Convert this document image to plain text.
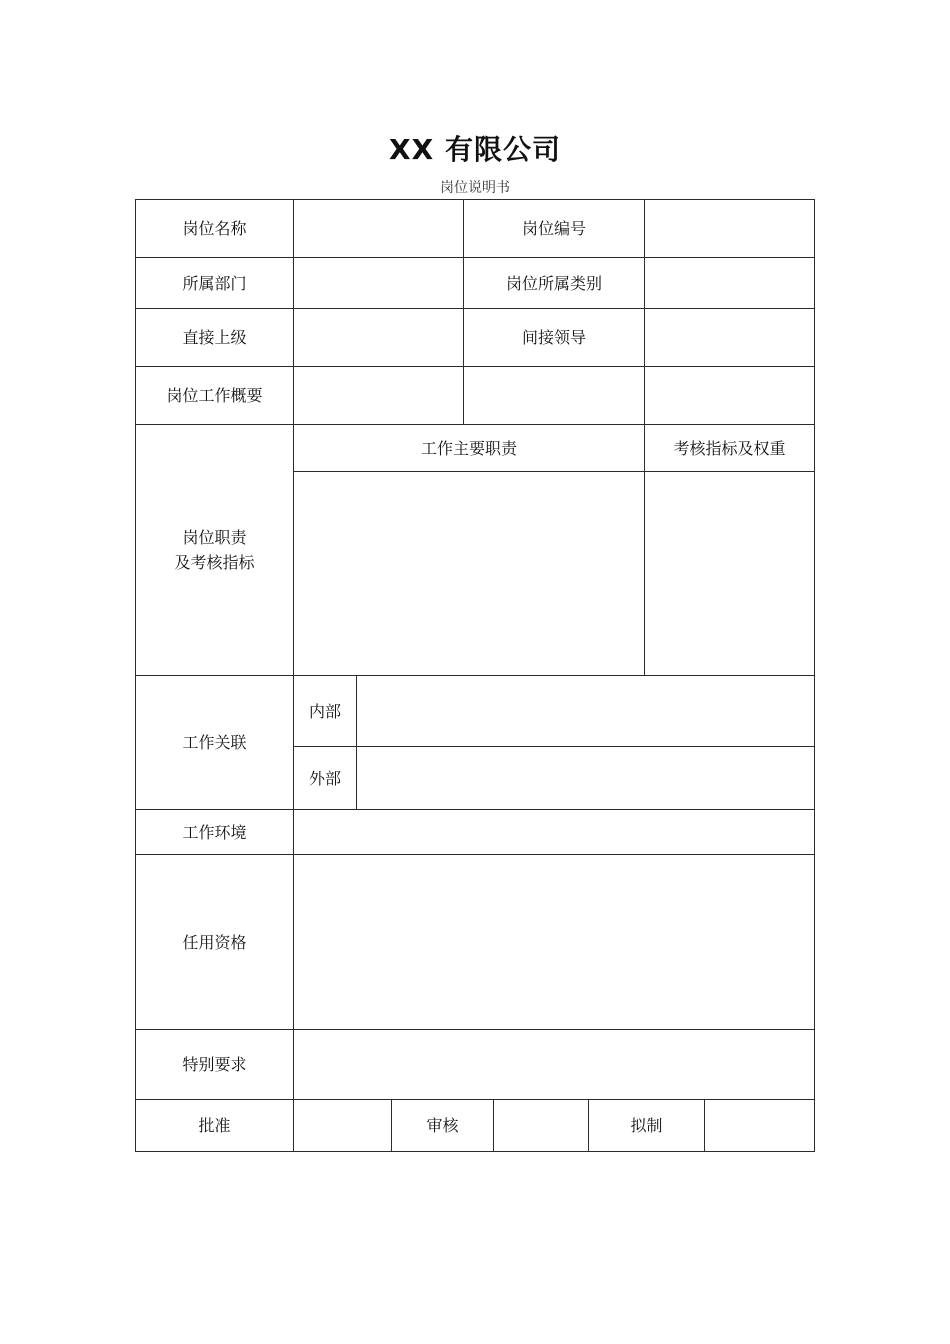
XX 有限公司
岗位说明书
岗位名称	岗位编号
所属部门	岗位所属类别
直接上级	间接领导
岗位工作概要
岗位职责
及考核指标
工作主要职责	考核指标及权重
工作关联
内部
外部
工作环境
任用资格
特别要求
批准	审核	拟制
